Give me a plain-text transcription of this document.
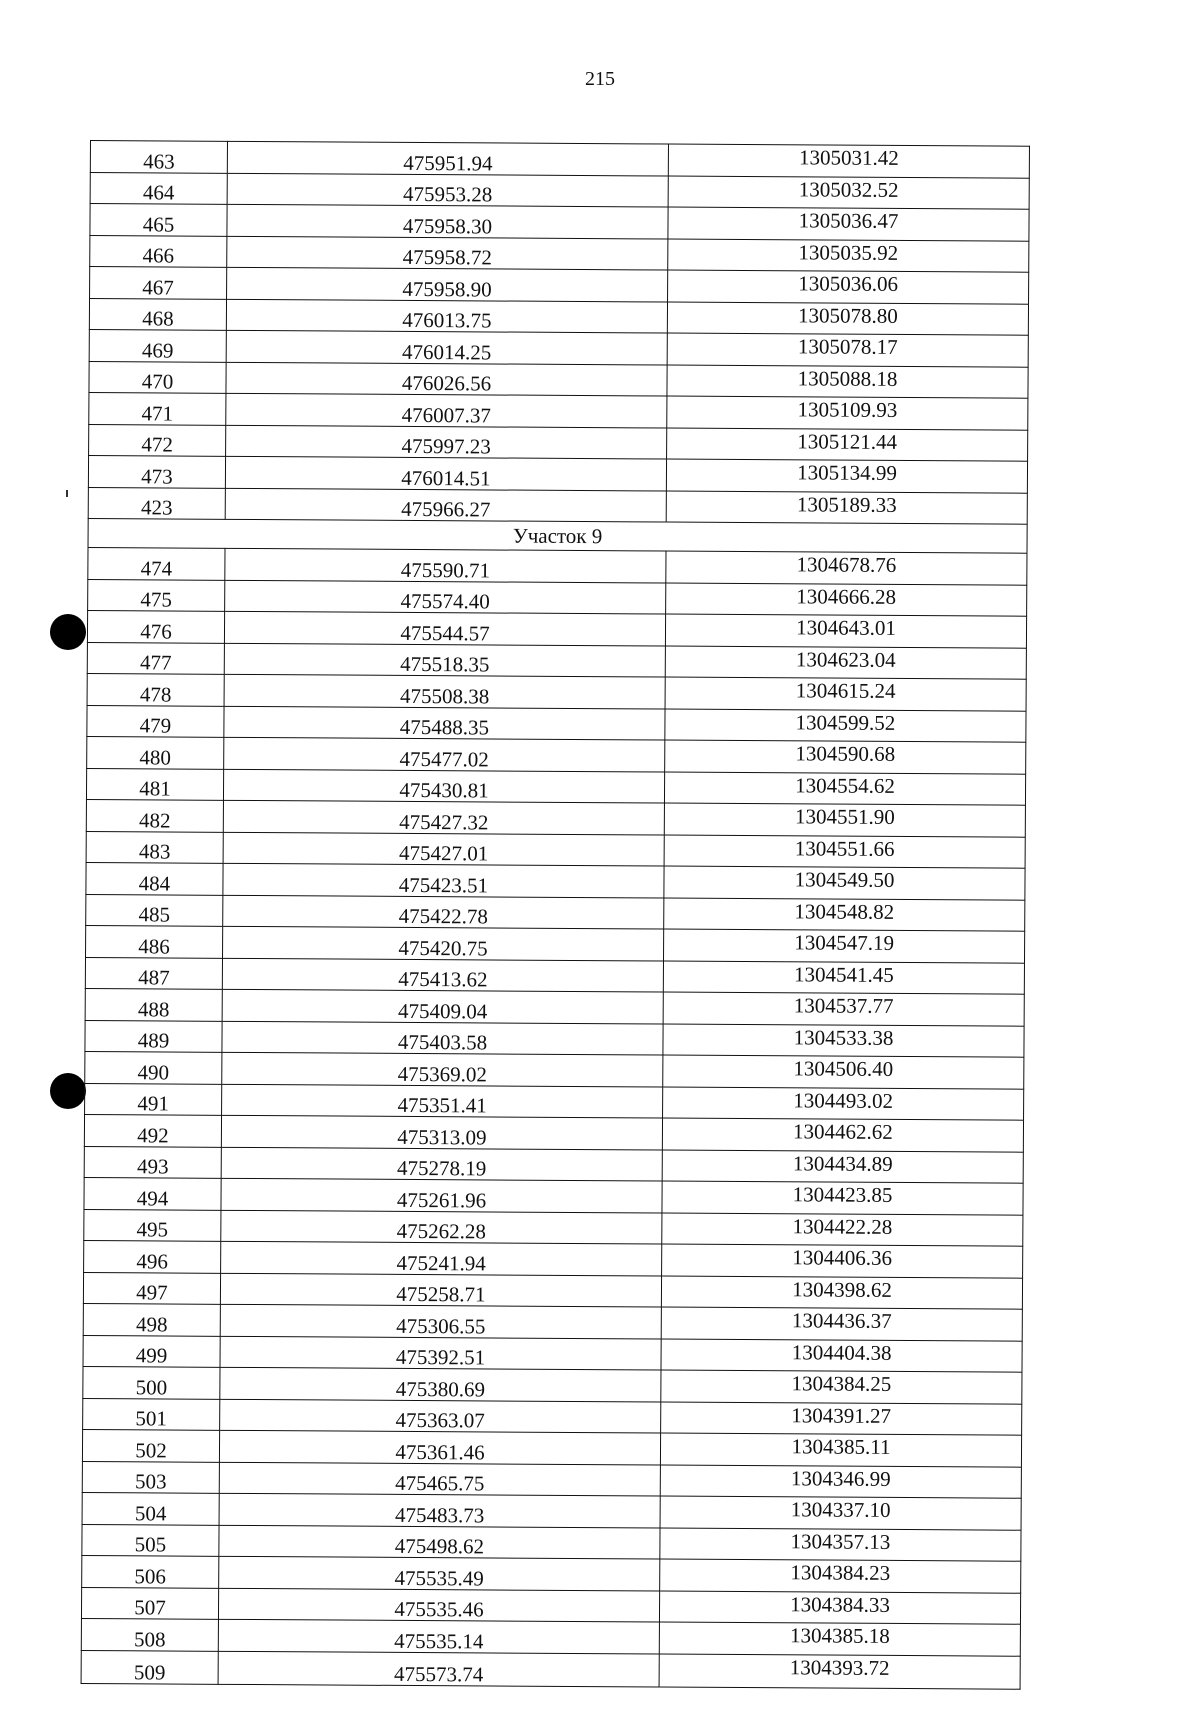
215
463	475951.94	1305031.42
464	475953.28	1305032.52
465	475958.30	1305036.47
466	475958.72	1305035.92
467	475958.90	1305036.06
468	476013.75	1305078.80
469	476014.25	1305078.17
470	476026.56	1305088.18
471	476007.37	1305109.93
472	475997.23	1305121.44
473	476014.51	1305134.99
423	475966.27	1305189.33
Участок 9		
474	475590.71	1304678.76
475	475574.40	1304666.28
476	475544.57	1304643.01
477	475518.35	1304623.04
478	475508.38	1304615.24
479	475488.35	1304599.52
480	475477.02	1304590.68
481	475430.81	1304554.62
482	475427.32	1304551.90
483	475427.01	1304551.66
484	475423.51	1304549.50
485	475422.78	1304548.82
486	475420.75	1304547.19
487	475413.62	1304541.45
488	475409.04	1304537.77
489	475403.58	1304533.38
490	475369.02	1304506.40
491	475351.41	1304493.02
492	475313.09	1304462.62
493	475278.19	1304434.89
494	475261.96	1304423.85
495	475262.28	1304422.28
496	475241.94	1304406.36
497	475258.71	1304398.62
498	475306.55	1304436.37
499	475392.51	1304404.38
500	475380.69	1304384.25
501	475363.07	1304391.27
502	475361.46	1304385.11
503	475465.75	1304346.99
504	475483.73	1304337.10
505	475498.62	1304357.13
506	475535.49	1304384.23
507	475535.46	1304384.33
508	475535.14	1304385.18
509	475573.74	1304393.72
